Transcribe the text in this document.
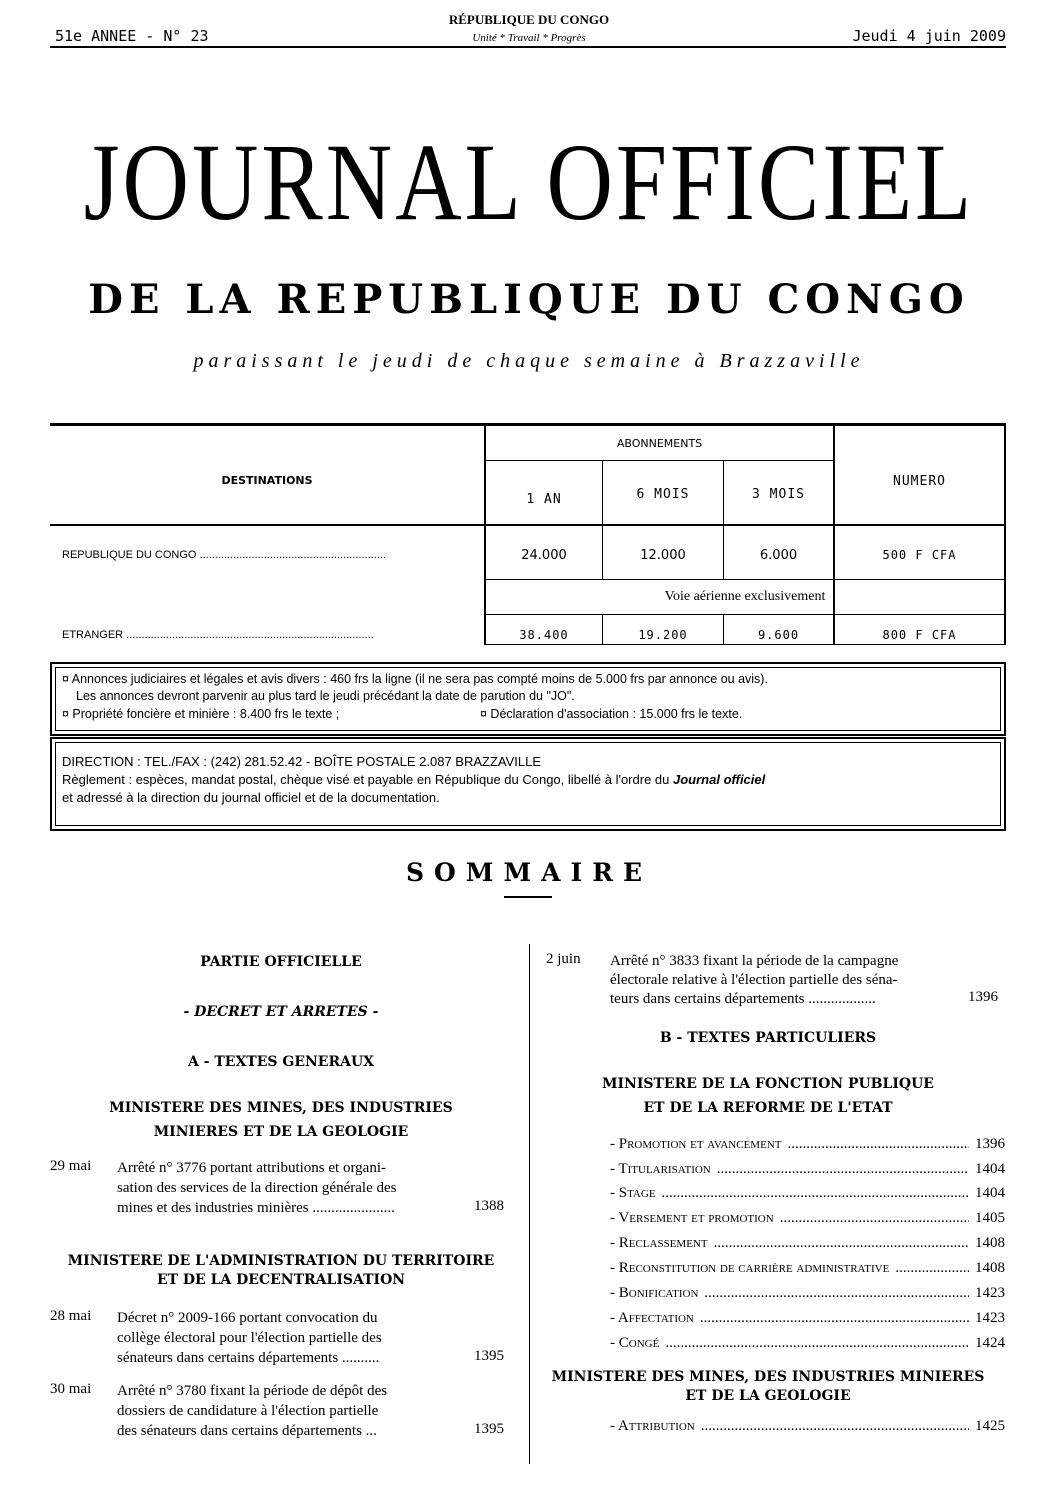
51e ANNEE - N° 23
RÉPUBLIQUE DU CONGO
Unité * Travail * Progrès	Jeudi 4 juin 2009
JOURNAL OFFICIEL
DE LA REPUBLIQUE DU CONGO
paraissant le jeudi de chaque semaine à Brazzaville
DESTINATIONS
ABONNEMENTS
1 AN	6 MOIS	3 MOIS
NUMERO
REPUBLIQUE DU CONGO .............................................................	24.000	12.000	6.000	500 F CFA
Voie aérienne exclusivement
ETRANGER .................................................................................	38.400	19.200	9.600	800 F CFA
¤ Annonces judiciaires et légales et avis divers : 460 frs la ligne (il ne sera pas compté moins de 5.000 frs par annonce ou avis).
Les annonces devront parvenir au plus tard le jeudi précédant la date de parution du "JO".
¤ Propriété foncière et minière : 8.400 frs le texte ;	¤ Déclaration d'association : 15.000 frs le texte.
DIRECTION : TEL./FAX : (242) 281.52.42 - BOÎTE POSTALE 2.087 BRAZZAVILLE
Règlement : espèces, mandat postal, chèque visé et payable en République du Congo, libellé à l'ordre du Journal officiel
et adressé à la direction du journal officiel et de la documentation.
SOMMAIRE
PARTIE OFFICIELLE
- DECRET ET ARRETES -
A - TEXTES GENERAUX
MINISTERE DES MINES, DES INDUSTRIES
MINIERES ET DE LA GEOLOGIE
29 mai Arrêté n° 3776 portant attributions et organi-
sation des services de la direction générale des
mines et des industries minières ......................	1388
MINISTERE DE L'ADMINISTRATION DU TERRITOIRE
ET DE LA DECENTRALISATION
28 mai Décret n° 2009-166 portant convocation du
collège électoral pour l'élection partielle des
sénateurs dans certains départements ..........	1395
30 mai Arrêté n° 3780 fixant la période de dépôt des
dossiers de candidature à l'élection partielle
des sénateurs dans certains départements ...	1395
2 juin Arrêté n° 3833 fixant la période de la campagne
électorale relative à l'élection partielle des séna-
teurs dans certains départements ..................	1396
B - TEXTES PARTICULIERS
MINISTERE DE LA FONCTION PUBLIQUE
ET DE LA REFORME DE L'ETAT
- Promotion et avancement .....	1396
- Titularisation .....	1404
- Stage .....	1404
- Versement et promotion .....	1405
- Reclassement .....	1408
- Reconstitution de carrière administrative .....	1408
- Bonification .....	1423
- Affectation .....	1423
- Congé .....	1424
MINISTERE DES MINES, DES INDUSTRIES MINIERES
ET DE LA GEOLOGIE
- Attribution .....	1425
